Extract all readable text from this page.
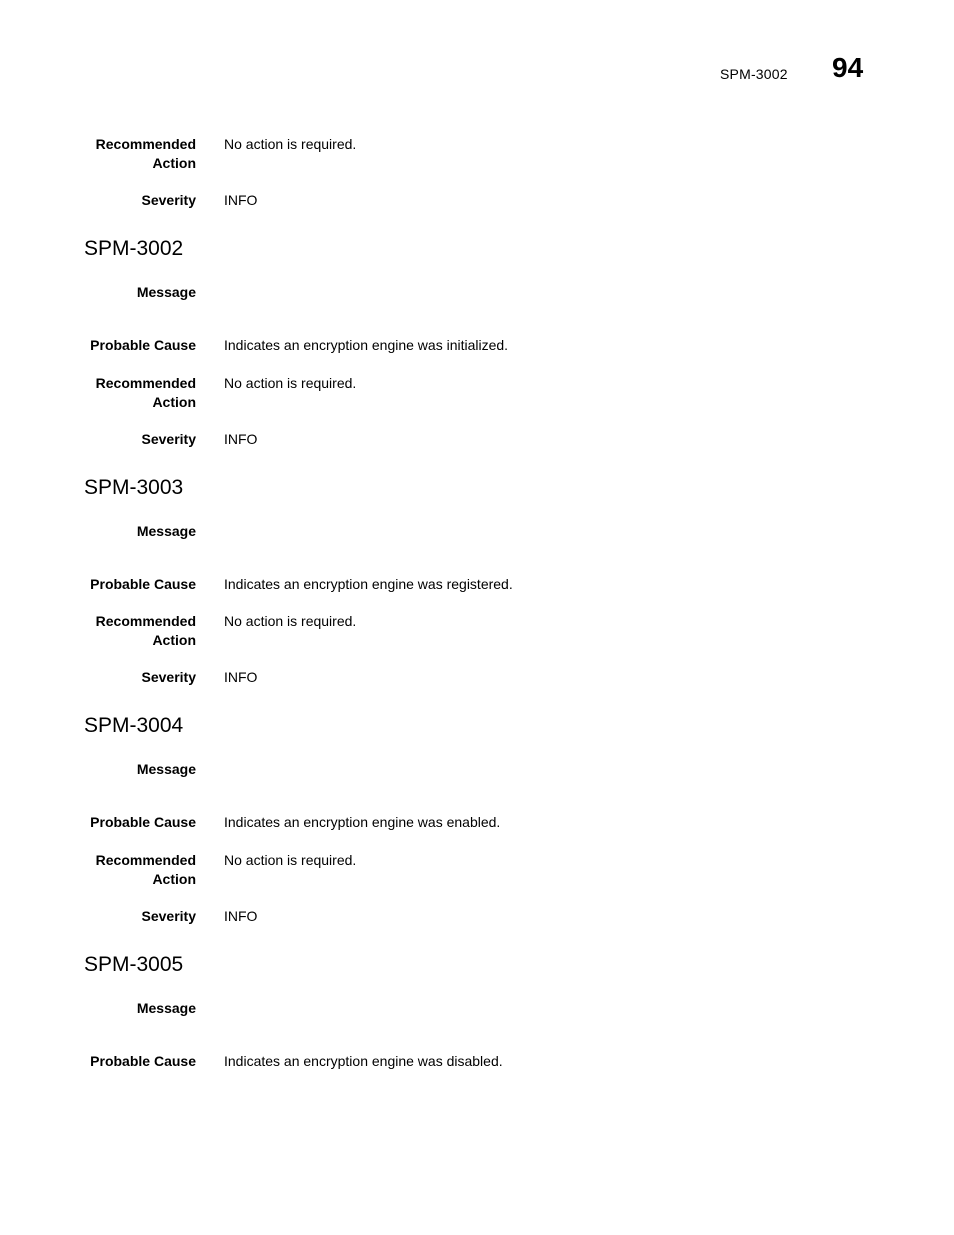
SPM-3002 94
Recommended Action
No action is required.
Severity INFO
SPM-3002
Message
Probable Cause Indicates an encryption engine was initialized.
Recommended Action
No action is required.
Severity INFO
SPM-3003
Message
Probable Cause Indicates an encryption engine was registered.
Recommended Action
No action is required.
Severity INFO
SPM-3004
Message
Probable Cause Indicates an encryption engine was enabled.
Recommended Action
No action is required.
Severity INFO
SPM-3005
Message
Probable Cause Indicates an encryption engine was disabled.
